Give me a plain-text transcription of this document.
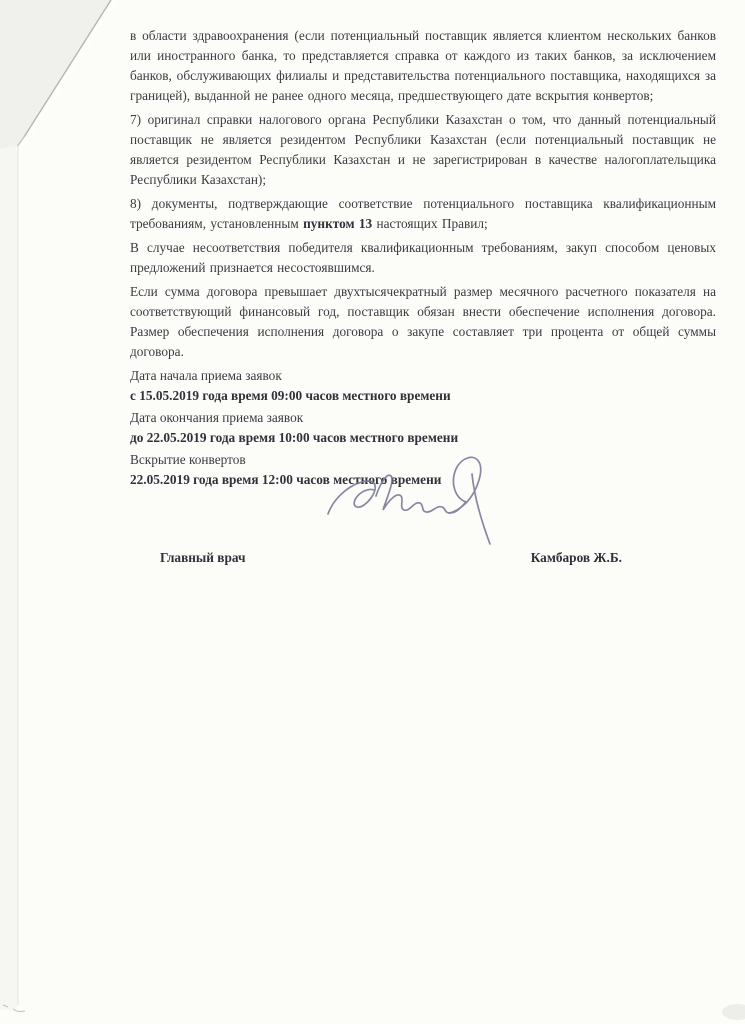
в области здравоохранения (если потенциальный поставщик является клиентом нескольких банков или иностранного банка, то представляется справка от каждого из таких банков, за исключением банков, обслуживающих филиалы и представительства потенциального поставщика, находящихся за границей), выданной не ранее одного месяца, предшествующего дате вскрытия конвертов;

7) оригинал справки налогового органа Республики Казахстан о том, что данный потенциальный поставщик не является резидентом Республики Казахстан (если потенциальный поставщик не является резидентом Республики Казахстан и не зарегистрирован в качестве налогоплательщика Республики Казахстан);

8) документы, подтверждающие соответствие потенциального поставщика квалификационным требованиям, установленным пунктом 13 настоящих Правил;

В случае несоответствия победителя квалификационным требованиям, закуп способом ценовых предложений признается несостоявшимся.

Если сумма договора превышает двухтысячекратный размер месячного расчетного показателя на соответствующий финансовый год, поставщик обязан внести обеспечение исполнения договора. Размер обеспечения исполнения договора о закупе составляет три процента от общей суммы договора.

Дата начала приема заявок
с 15.05.2019 года время 09:00 часов местного времени
Дата окончания приема заявок
до 22.05.2019 года время 10:00 часов местного времени
Вскрытие конвертов
22.05.2019 года время 12:00 часов местного времени
Главный врач	Камбаров Ж.Б.
